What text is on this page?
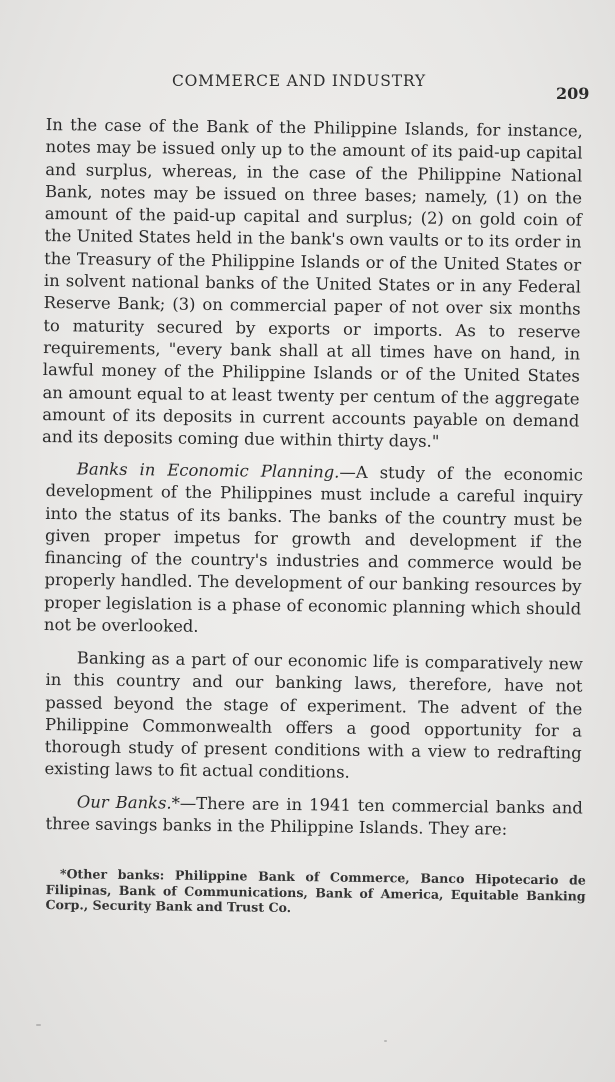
COMMERCE AND INDUSTRY
209

In the case of the Bank of the Philippine Islands, for instance, notes may be issued only up to the amount of its paid-up capital and surplus, whereas, in the case of the Philippine National Bank, notes may be issued on three bases; namely, (1) on the amount of the paid-up capital and surplus; (2) on gold coin of the United States held in the bank's own vaults or to its order in the Treasury of the Philippine Islands or of the United States or in solvent national banks of the United States or in any Federal Reserve Bank; (3) on commercial paper of not over six months to maturity secured by exports or imports. As to reserve requirements, "every bank shall at all times have on hand, in lawful money of the Philippine Islands or of the United States an amount equal to at least twenty per centum of the aggregate amount of its deposits in current accounts payable on demand and its deposits coming due within thirty days."

Banks in Economic Planning.—A study of the economic development of the Philippines must include a careful inquiry into the status of its banks. The banks of the country must be given proper impetus for growth and development if the financing of the country's industries and commerce would be properly handled. The development of our banking resources by proper legislation is a phase of economic planning which should not be overlooked.

Banking as a part of our economic life is comparatively new in this country and our banking laws, therefore, have not passed beyond the stage of experiment. The advent of the Philippine Commonwealth offers a good opportunity for a thorough study of present conditions with a view to redrafting existing laws to fit actual conditions.

Our Banks.*—There are in 1941 ten commercial banks and three savings banks in the Philippine Islands. They are:

*Other banks: Philippine Bank of Commerce, Banco Hipotecario de Filipinas, Bank of Communications, Bank of America, Equitable Banking Corp., Security Bank and Trust Co.
